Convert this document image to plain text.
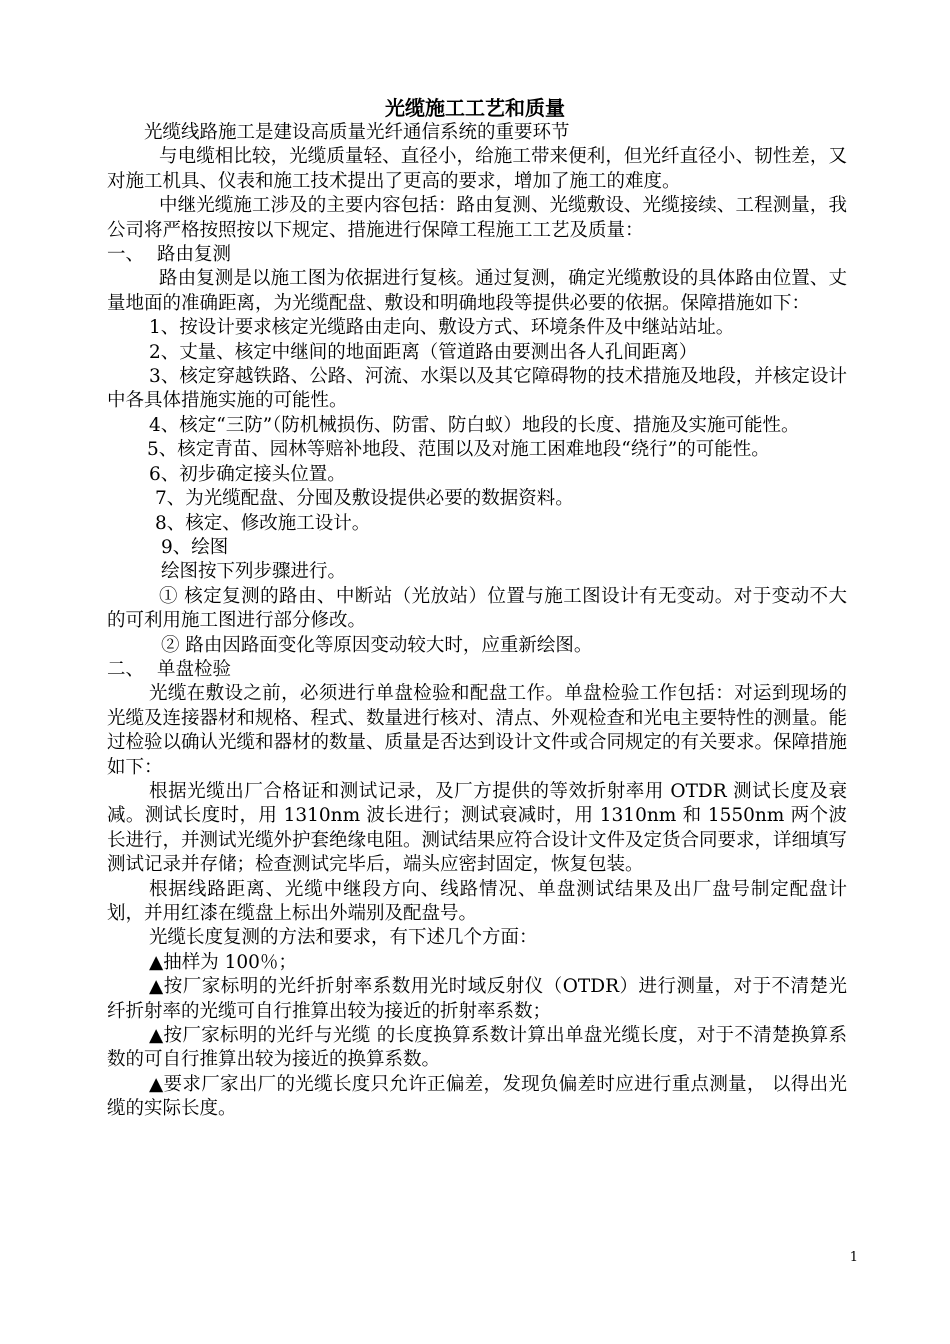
光缆施工工艺和质量

光缆线路施工是建设高质量光纤通信系统的重要环节

与电缆相比较，光缆质量轻、直径小，给施工带来便利，但光纤直径小、韧性差，又对施工机具、仪表和施工技术提出了更高的要求，增加了施工的难度。

中继光缆施工涉及的主要内容包括：路由复测、光缆敷设、光缆接续、工程测量，我公司将严格按照按以下规定、措施进行保障工程施工工艺及质量：

一、 路由复测

路由复测是以施工图为依据进行复核。通过复测，确定光缆敷设的具体路由位置、丈量地面的准确距离，为光缆配盘、敷设和明确地段等提供必要的依据。保障措施如下：

1、按设计要求核定光缆路由走向、敷设方式、环境条件及中继站站址。

2、丈量、核定中继间的地面距离（管道路由要测出各人孔间距离）

3、核定穿越铁路、公路、河流、水渠以及其它障碍物的技术措施及地段，并核定设计中各具体措施实施的可能性。

4、核定“三防”（防机械损伤、防雷、防白蚁）地段的长度、措施及实施可能性。

5、核定青苗、园林等赔补地段、范围以及对施工困难地段“绕行”的可能性。

6、初步确定接头位置。

7、为光缆配盘、分囤及敷设提供必要的数据资料。

8、核定、修改施工设计。

9、绘图

绘图按下列步骤进行。

① 核定复测的路由、中断站（光放站）位置与施工图设计有无变动。对于变动不大的可利用施工图进行部分修改。

② 路由因路面变化等原因变动较大时，应重新绘图。

二、 单盘检验

光缆在敷设之前，必须进行单盘检验和配盘工作。单盘检验工作包括：对运到现场的光缆及连接器材和规格、程式、数量进行核对、清点、外观检查和光电主要特性的测量。能过检验以确认光缆和器材的数量、质量是否达到设计文件或合同规定的有关要求。保障措施如下：

根据光缆出厂合格证和测试记录，及厂方提供的等效折射率用 OTDR 测试长度及衰减。测试长度时，用 1310nm 波长进行；测试衰减时，用 1310nm 和 1550nm 两个波长进行，并测试光缆外护套绝缘电阻。测试结果应符合设计文件及定货合同要求，详细填写测试记录并存储；检查测试完毕后，端头应密封固定，恢复包装。

根据线路距离、光缆中继段方向、线路情况、单盘测试结果及出厂盘号制定配盘计划，并用红漆在缆盘上标出外端别及配盘号。

光缆长度复测的方法和要求，有下述几个方面：

▲抽样为 100％；

▲按厂家标明的光纤折射率系数用光时域反射仪（OTDR）进行测量，对于不清楚光纤折射率的光缆可自行推算出较为接近的折射率系数；

▲按厂家标明的光纤与光缆 的长度换算系数计算出单盘光缆长度，对于不清楚换算系数的可自行推算出较为接近的换算系数。

▲要求厂家出厂的光缆长度只允许正偏差，发现负偏差时应进行重点测量， 以得出光缆的实际长度。

1
